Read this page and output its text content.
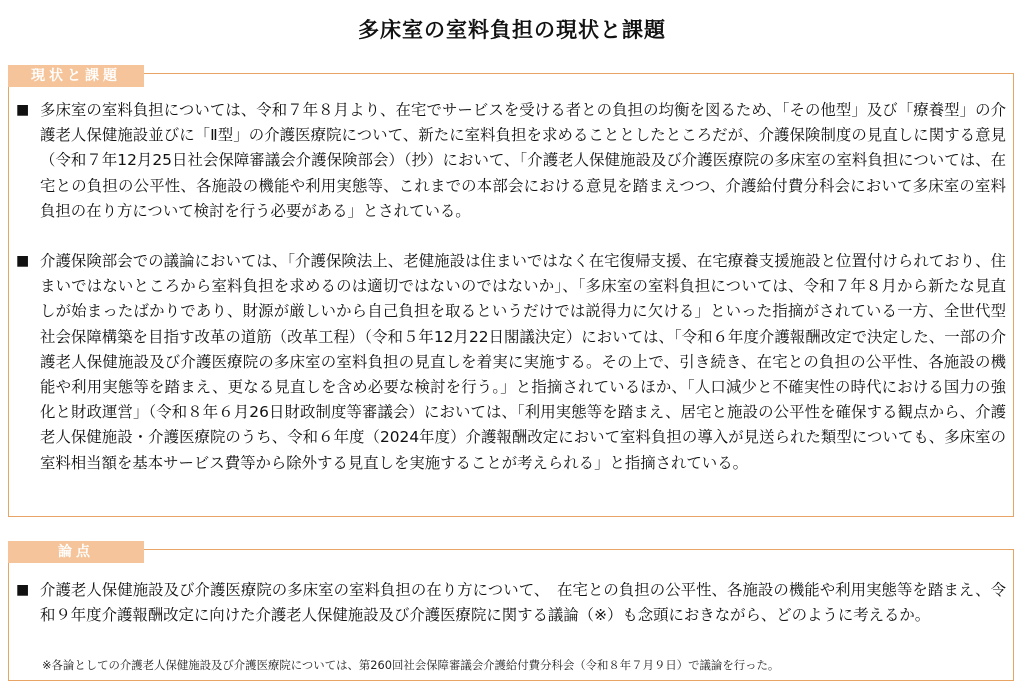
多床室の室料負担の現状と課題
現状と課題
■ 多床室の室料負担については、令和７年８月より、在宅でサービスを受ける者との負担の均衡を図るため、「その他型」及び「療養型」の介護老人保健施設並びに「Ⅱ型」の介護医療院について、新たに室料負担を求めることとしたところだが、介護保険制度の見直しに関する意見（令和７年12月25日社会保障審議会介護保険部会）（抄）において、「介護老人保健施設及び介護医療院の多床室の室料負担については、在宅との負担の公平性、各施設の機能や利用実態等、これまでの本部会における意見を踏まえつつ、介護給付費分科会において多床室の室料負担の在り方について検討を行う必要がある」とされている。
■ 介護保険部会での議論においては、「介護保険法上、老健施設は住まいではなく在宅復帰支援、在宅療養支援施設と位置付けられており、住まいではないところから室料負担を求めるのは適切ではないのではないか」、「多床室の室料負担については、令和７年８月から新たな見直しが始まったばかりであり、財源が厳しいから自己負担を取るというだけでは説得力に欠ける」といった指摘がされている一方、全世代型社会保障構築を目指す改革の道筋（改革工程）（令和５年12月22日閣議決定）においては、「令和６年度介護報酬改定で決定した、一部の介護老人保健施設及び介護医療院の多床室の室料負担の見直しを着実に実施する。その上で、引き続き、在宅との負担の公平性、各施設の機能や利用実態等を踏まえ、更なる見直しを含め必要な検討を行う。」と指摘されているほか、「人口減少と不確実性の時代における国力の強化と財政運営」（令和８年６月26日財政制度等審議会）においては、「利用実態等を踏まえ、居宅と施設の公平性を確保する観点から、介護老人保健施設・介護医療院のうち、令和６年度（2024年度）介護報酬改定において室料負担の導入が見送られた類型についても、多床室の室料相当額を基本サービス費等から除外する見直しを実施することが考えられる」と指摘されている。
論点
■ 介護老人保健施設及び介護医療院の多床室の室料負担の在り方について、　在宅との負担の公平性、各施設の機能や利用実態等を踏まえ、令和９年度介護報酬改定に向けた介護老人保健施設及び介護医療院に関する議論（※）も念頭におきながら、どのように考えるか。
※各論としての介護老人保健施設及び介護医療院については、第260回社会保障審議会介護給付費分科会（令和８年７月９日）で議論を行った。
